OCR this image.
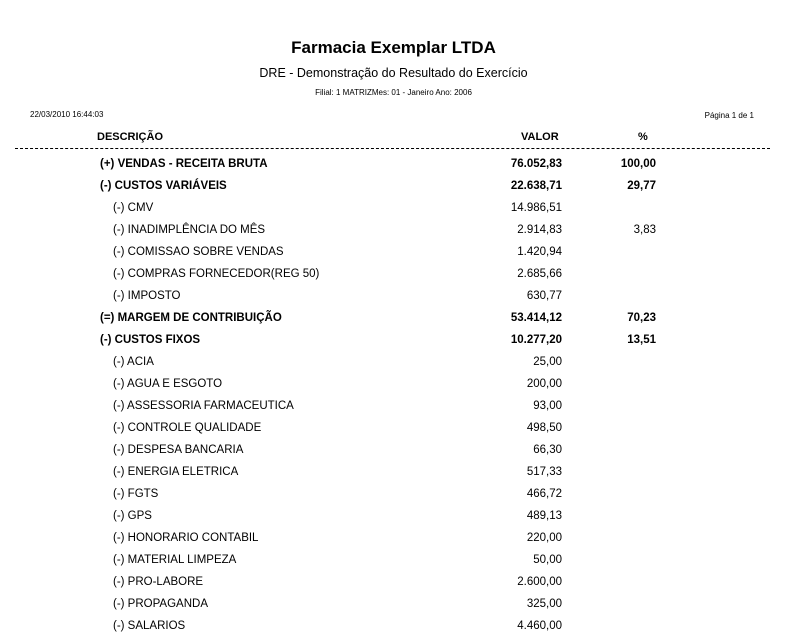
Farmacia Exemplar LTDA
DRE - Demonstração do Resultado do Exercício
Filial: 1 MATRIZMes: 01 - Janeiro Ano: 2006
22/03/2010 16:44:03	Página 1 de 1
DESCRIÇÃO	VALOR	%
(+) VENDAS - RECEITA BRUTA	76.052,83	100,00
(-) CUSTOS VARIÁVEIS	22.638,71	29,77
(-) CMV	14.986,51
(-) INADIMPLÊNCIA DO MÊS	2.914,83	3,83
(-) COMISSAO SOBRE VENDAS	1.420,94
(-) COMPRAS FORNECEDOR(REG 50)	2.685,66
(-) IMPOSTO	630,77
(=) MARGEM DE CONTRIBUIÇÃO	53.414,12	70,23
(-) CUSTOS FIXOS	10.277,20	13,51
(-) ACIA	25,00
(-) AGUA E ESGOTO	200,00
(-) ASSESSORIA FARMACEUTICA	93,00
(-) CONTROLE QUALIDADE	498,50
(-) DESPESA BANCARIA	66,30
(-) ENERGIA ELETRICA	517,33
(-) FGTS	466,72
(-) GPS	489,13
(-) HONORARIO CONTABIL	220,00
(-) MATERIAL LIMPEZA	50,00
(-) PRO-LABORE	2.600,00
(-) PROPAGANDA	325,00
(-) SALARIOS	4.460,00
